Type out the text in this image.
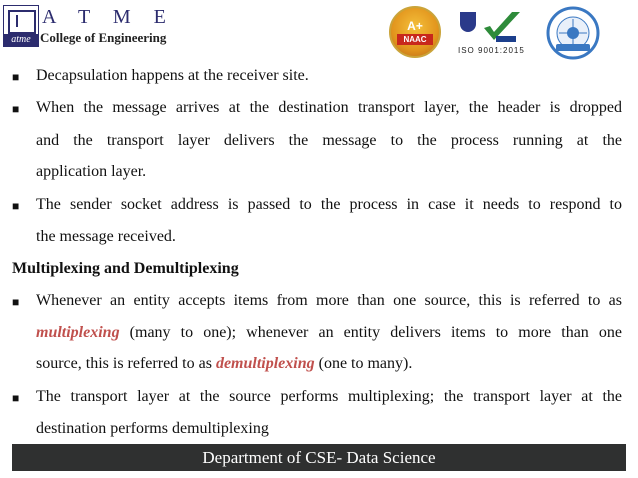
atme
A T M E
College of Engineering
A+
NAAC
ISO 9001:2015
■ Decapsulation happens at the receiver site.
■ When the message arrives at the destination transport layer, the header is dropped
and the transport layer delivers the message to the process running at the
application layer.
■ The sender socket address is passed to the process in case it needs to respond to
the message received.
Multiplexing and Demultiplexing
■ Whenever an entity accepts items from more than one source, this is referred to as
multiplexing (many to one); whenever an entity delivers items to more than one
source, this is referred to as demultiplexing (one to many).
■ The transport layer at the source performs multiplexing; the transport layer at the
destination performs demultiplexing
Department of CSE- Data Science
